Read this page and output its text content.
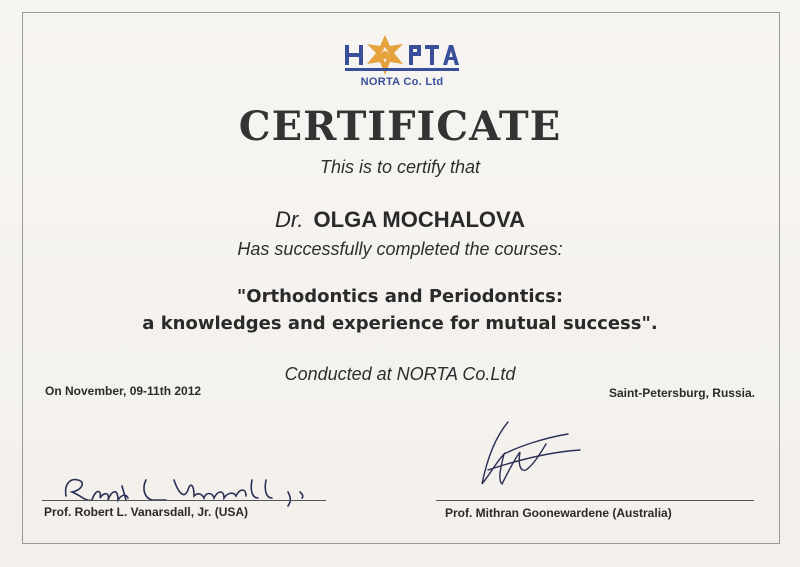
NORTA Co. Ltd
CERTIFICATE
This is to certify that
Dr. OLGA MOCHALOVA
Has successfully completed the courses:
"Orthodontics and Periodontics:
a knowledges and experience for mutual success".
Conducted at NORTA Co.Ltd
On November, 09-11th 2012	Saint-Petersburg, Russia.
Prof. Robert L. Vanarsdall, Jr. (USA)	Prof. Mithran Goonewardene (Australia)
